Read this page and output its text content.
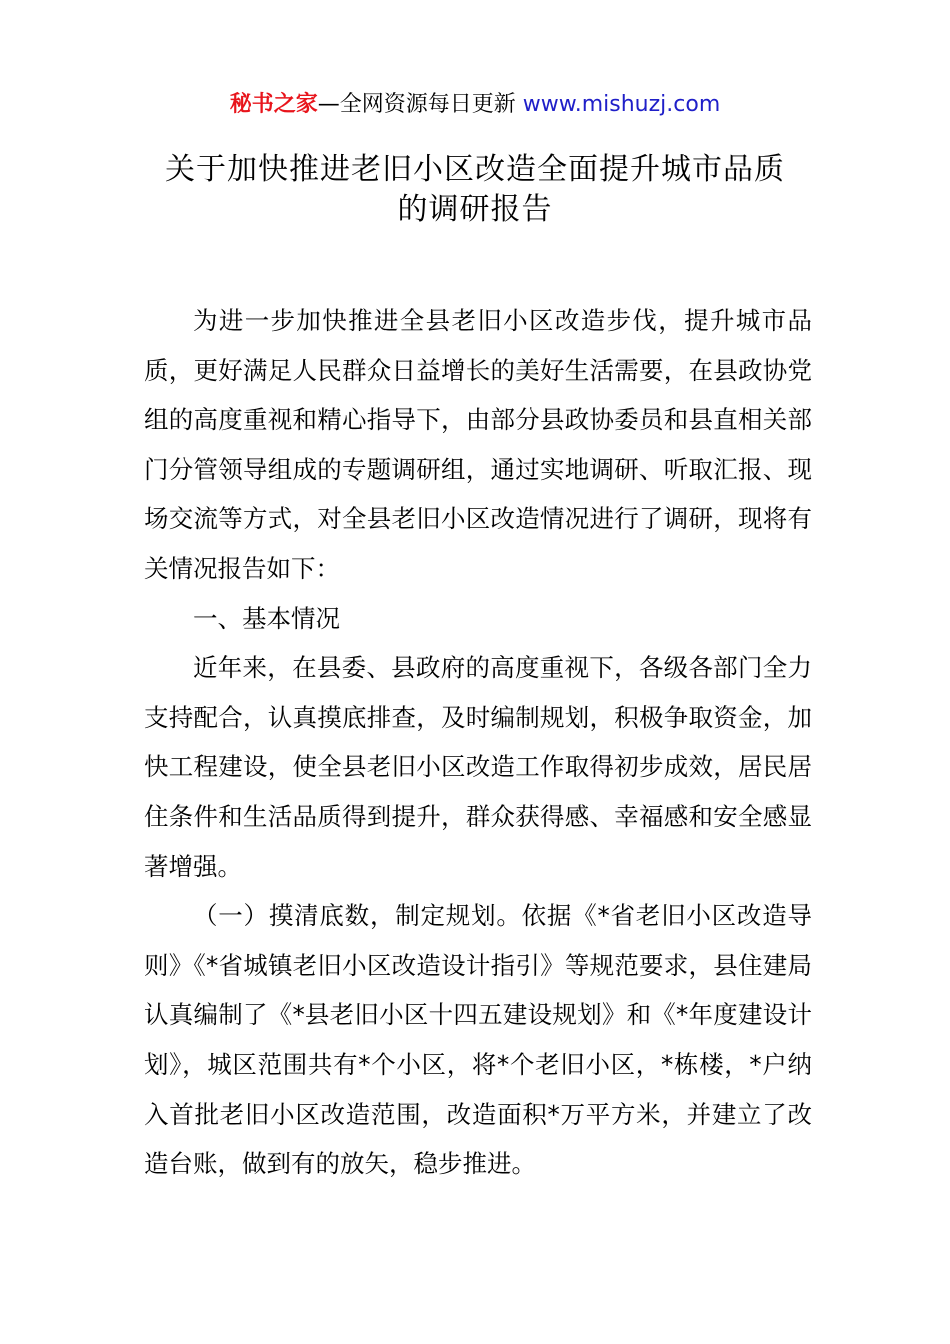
秘书之家—全网资源每日更新 www.mishuzj.com
关于加快推进老旧小区改造全面提升城市品质
的调研报告

为进一步加快推进全县老旧小区改造步伐，提升城市品质，更好满足人民群众日益增长的美好生活需要，在县政协党组的高度重视和精心指导下，由部分县政协委员和县直相关部门分管领导组成的专题调研组，通过实地调研、听取汇报、现场交流等方式，对全县老旧小区改造情况进行了调研，现将有关情况报告如下：

一、基本情况

近年来，在县委、县政府的高度重视下，各级各部门全力支持配合，认真摸底排查，及时编制规划，积极争取资金，加快工程建设，使全县老旧小区改造工作取得初步成效，居民居住条件和生活品质得到提升，群众获得感、幸福感和安全感显著增强。

（一）摸清底数，制定规划。依据《*省老旧小区改造导则》《*省城镇老旧小区改造设计指引》等规范要求，县住建局认真编制了《*县老旧小区十四五建设规划》和《*年度建设计划》，城区范围共有*个小区，将*个老旧小区，*栋楼，*户纳入首批老旧小区改造范围，改造面积*万平方米，并建立了改造台账，做到有的放矢，稳步推进。
